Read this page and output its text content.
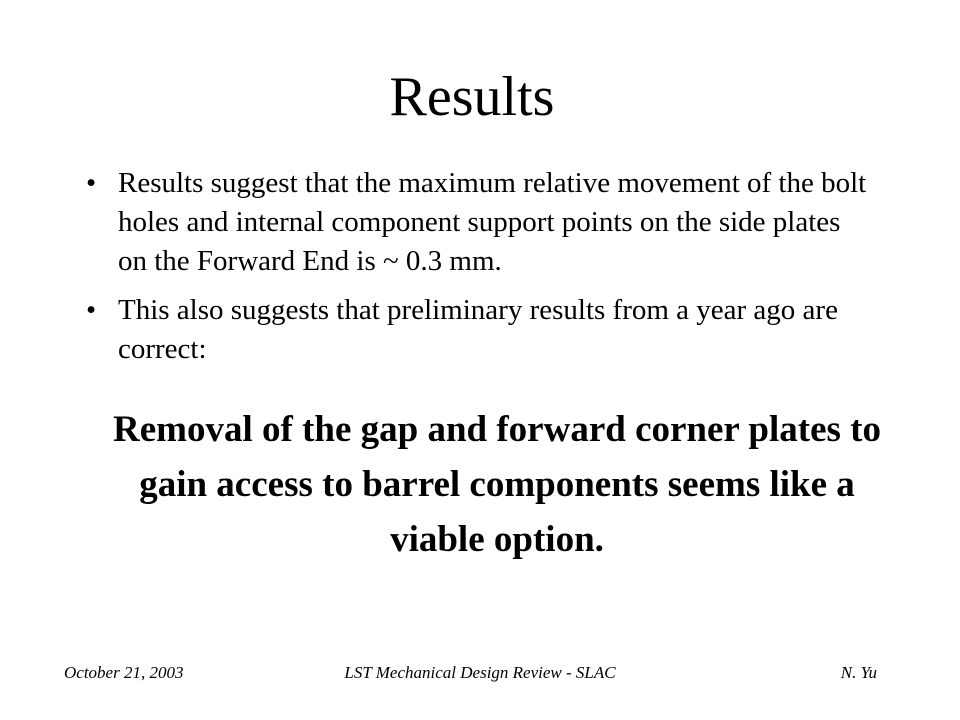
Results
• Results suggest that the maximum relative movement of the bolt holes and internal component support points on the side plates on the Forward End is ~ 0.3 mm.
• This also suggests that preliminary results from a year ago are correct:

Removal of the gap and forward corner plates to gain access to barrel components seems like a viable option.

LST Mechanical Design Review - SLAC
October 21, 2003	N. Yu
